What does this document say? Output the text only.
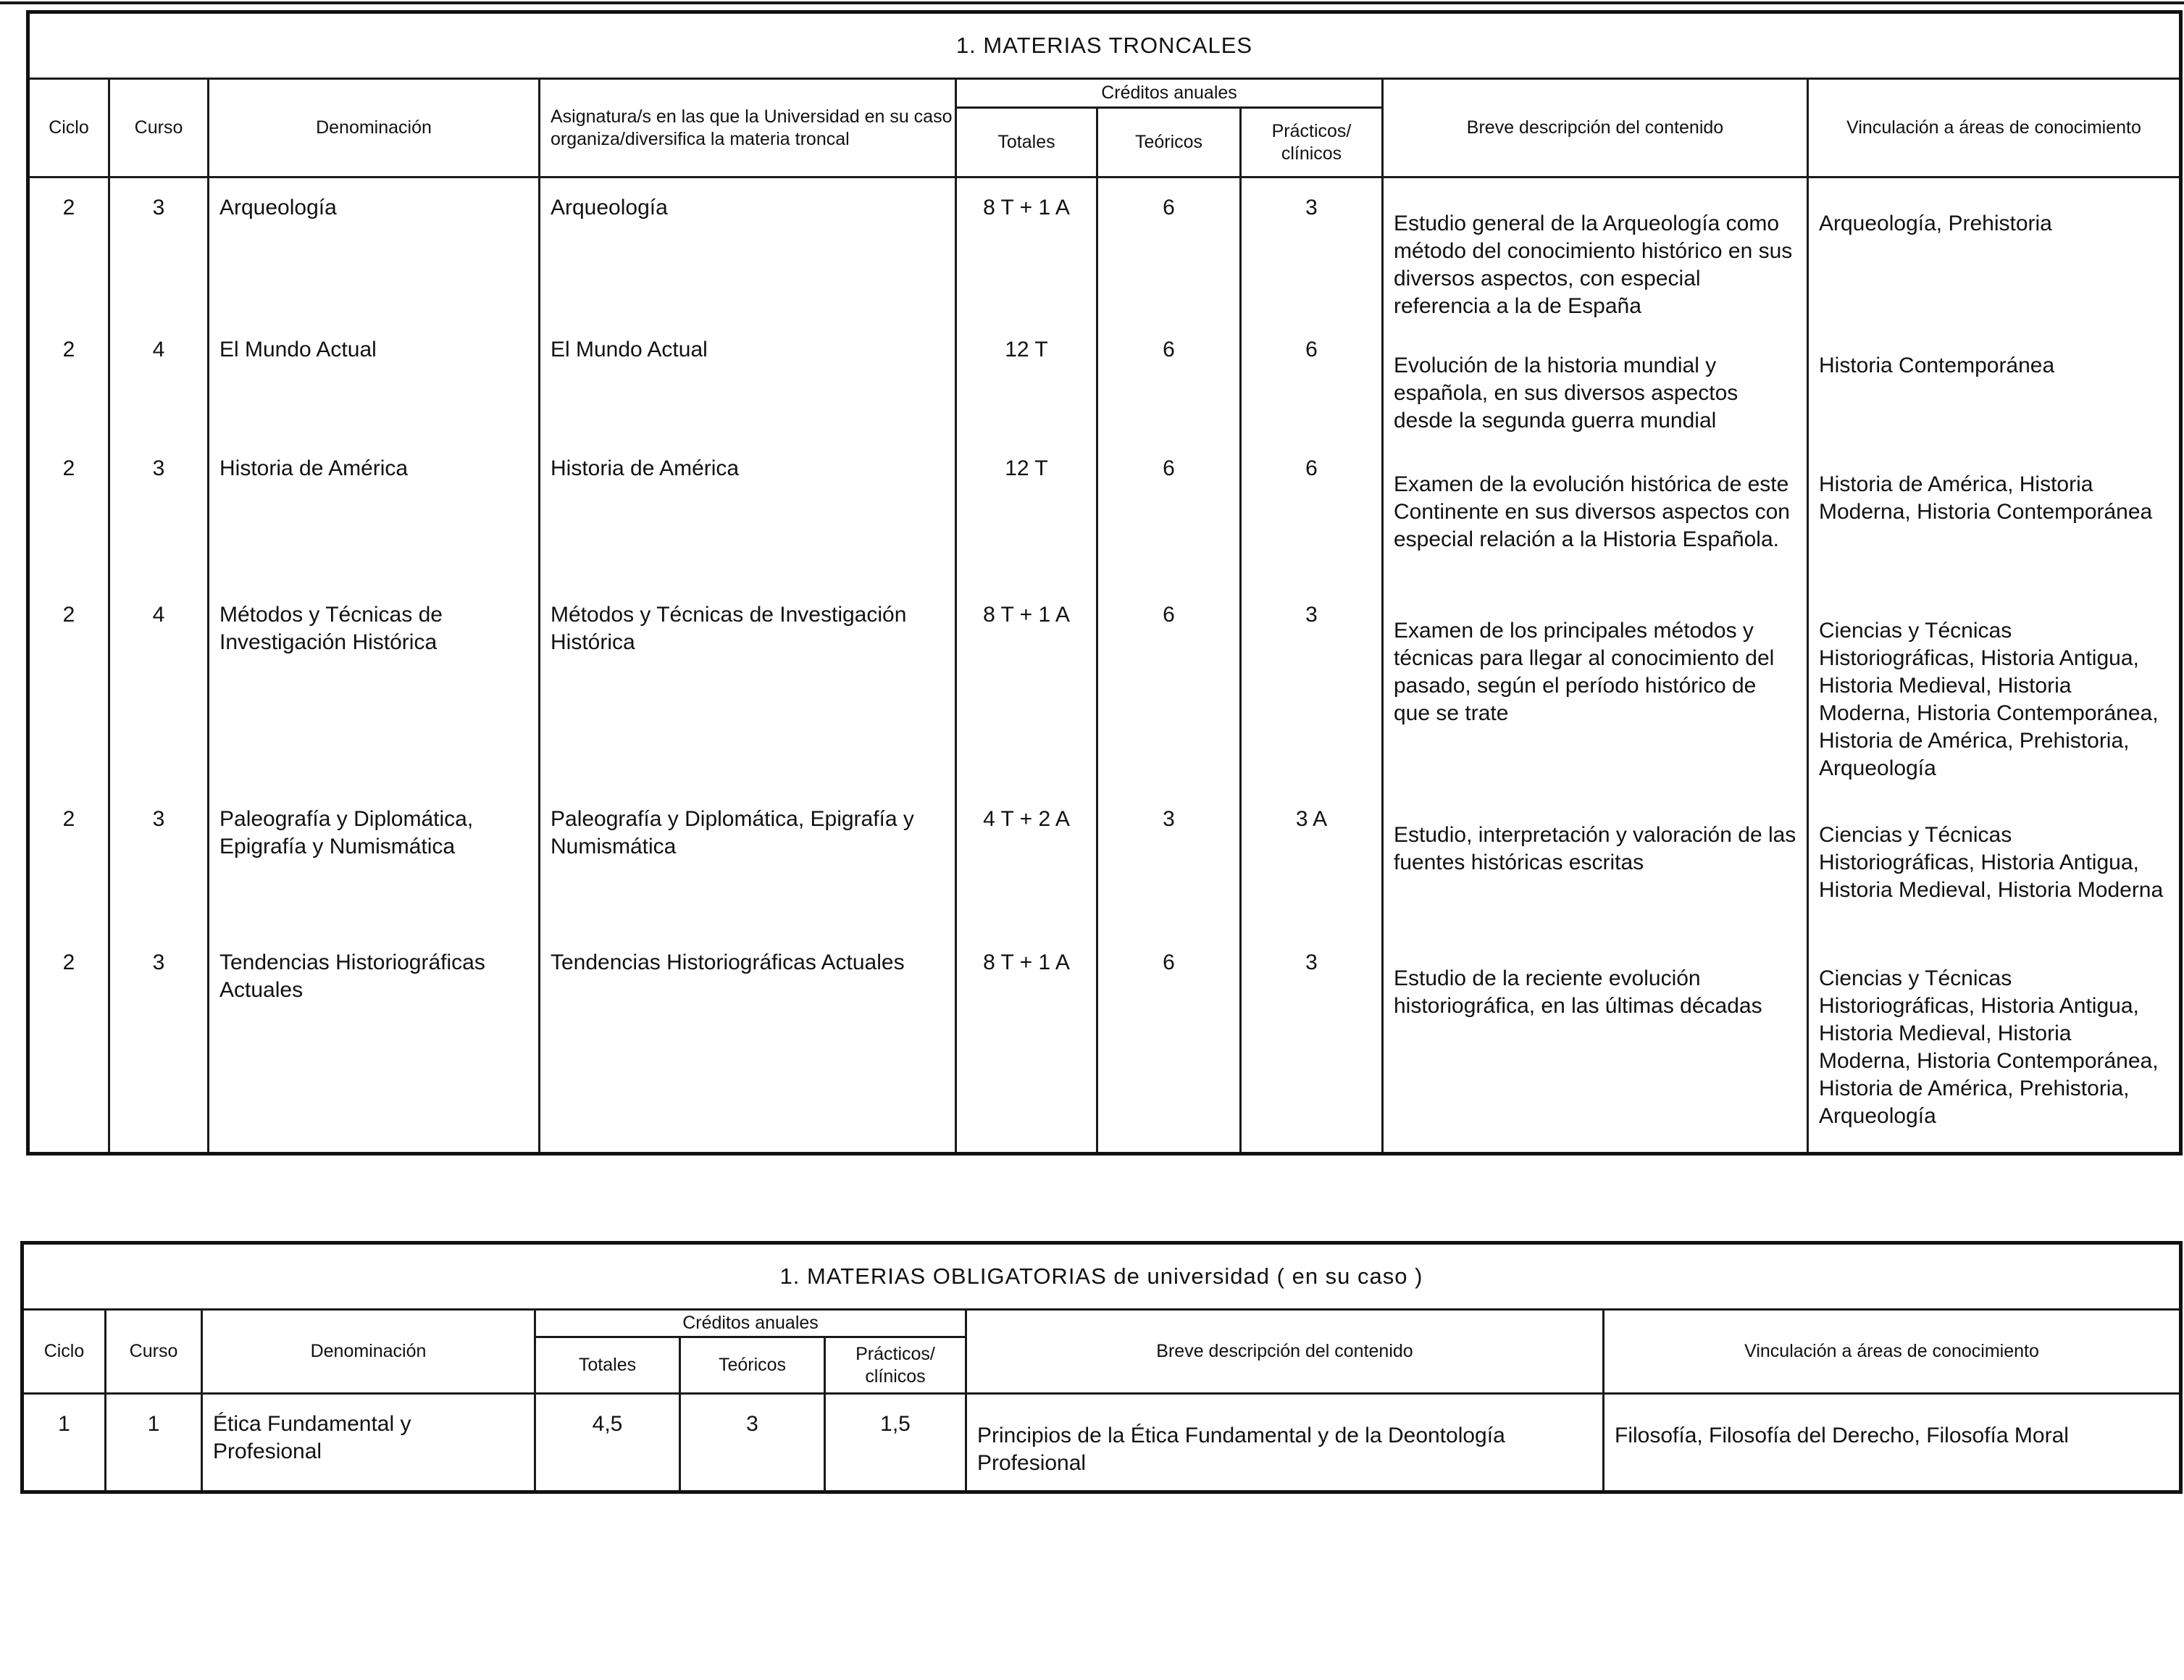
1. MATERIAS TRONCALES								
Ciclo	Curso	Denominación	Asignatura/s en las que la Universidad en su caso organiza/diversifica la materia troncal	Créditos anuales			Breve descripción del contenido	Vinculación a áreas de conocimiento
				Totales	Teóricos	Prácticos/ clínicos		
2	3	Arqueología	Arqueología	8 T + 1 A	6	3	Estudio general de la Arqueología como método del conocimiento histórico en sus diversos aspectos, con especial referencia a la de España	Arqueología, Prehistoria
2	4	El Mundo Actual	El Mundo Actual	12 T	6	6	Evolución de la historia mundial y española, en sus diversos aspectos desde la segunda guerra mundial	Historia Contemporánea
2	3	Historia de América	Historia de América	12 T	6	6	Examen de la evolución histórica de este Continente en sus diversos aspectos con especial relación a la Historia Española.	Historia de América, Historia Moderna, Historia Contemporánea
2	4	Métodos y Técnicas de Investigación Histórica	Métodos y Técnicas de Investigación Histórica	8 T + 1 A	6	3	Examen de los principales métodos y técnicas para llegar al conocimiento del pasado, según el período histórico de que se trate	Ciencias y Técnicas Historiográficas, Historia Antigua, Historia Medieval, Historia Moderna, Historia Contemporánea, Historia de América, Prehistoria, Arqueología
2	3	Paleografía y Diplomática, Epigrafía y Numismática	Paleografía y Diplomática, Epigrafía y Numismática	4 T + 2 A	3	3 A	Estudio, interpretación y valoración de las fuentes históricas escritas	Ciencias y Técnicas Historiográficas, Historia Antigua, Historia Medieval, Historia Moderna
2	3	Tendencias Historiográficas Actuales	Tendencias Historiográficas Actuales	8 T + 1 A	6	3	Estudio de la reciente evolución historiográfica, en las últimas décadas	Ciencias y Técnicas Historiográficas, Historia Antigua, Historia Medieval, Historia Moderna, Historia Contemporánea, Historia de América, Prehistoria, Arqueología
1. MATERIAS OBLIGATORIAS de universidad ( en su caso )							
Ciclo	Curso	Denominación	Créditos anuales			Breve descripción del contenido	Vinculación a áreas de conocimiento
			Totales	Teóricos	Prácticos/ clínicos		
1	1	Ética Fundamental y Profesional	4,5	3	1,5	Principios de la Ética Fundamental y de la Deontología Profesional	Filosofía, Filosofía del Derecho, Filosofía Moral
